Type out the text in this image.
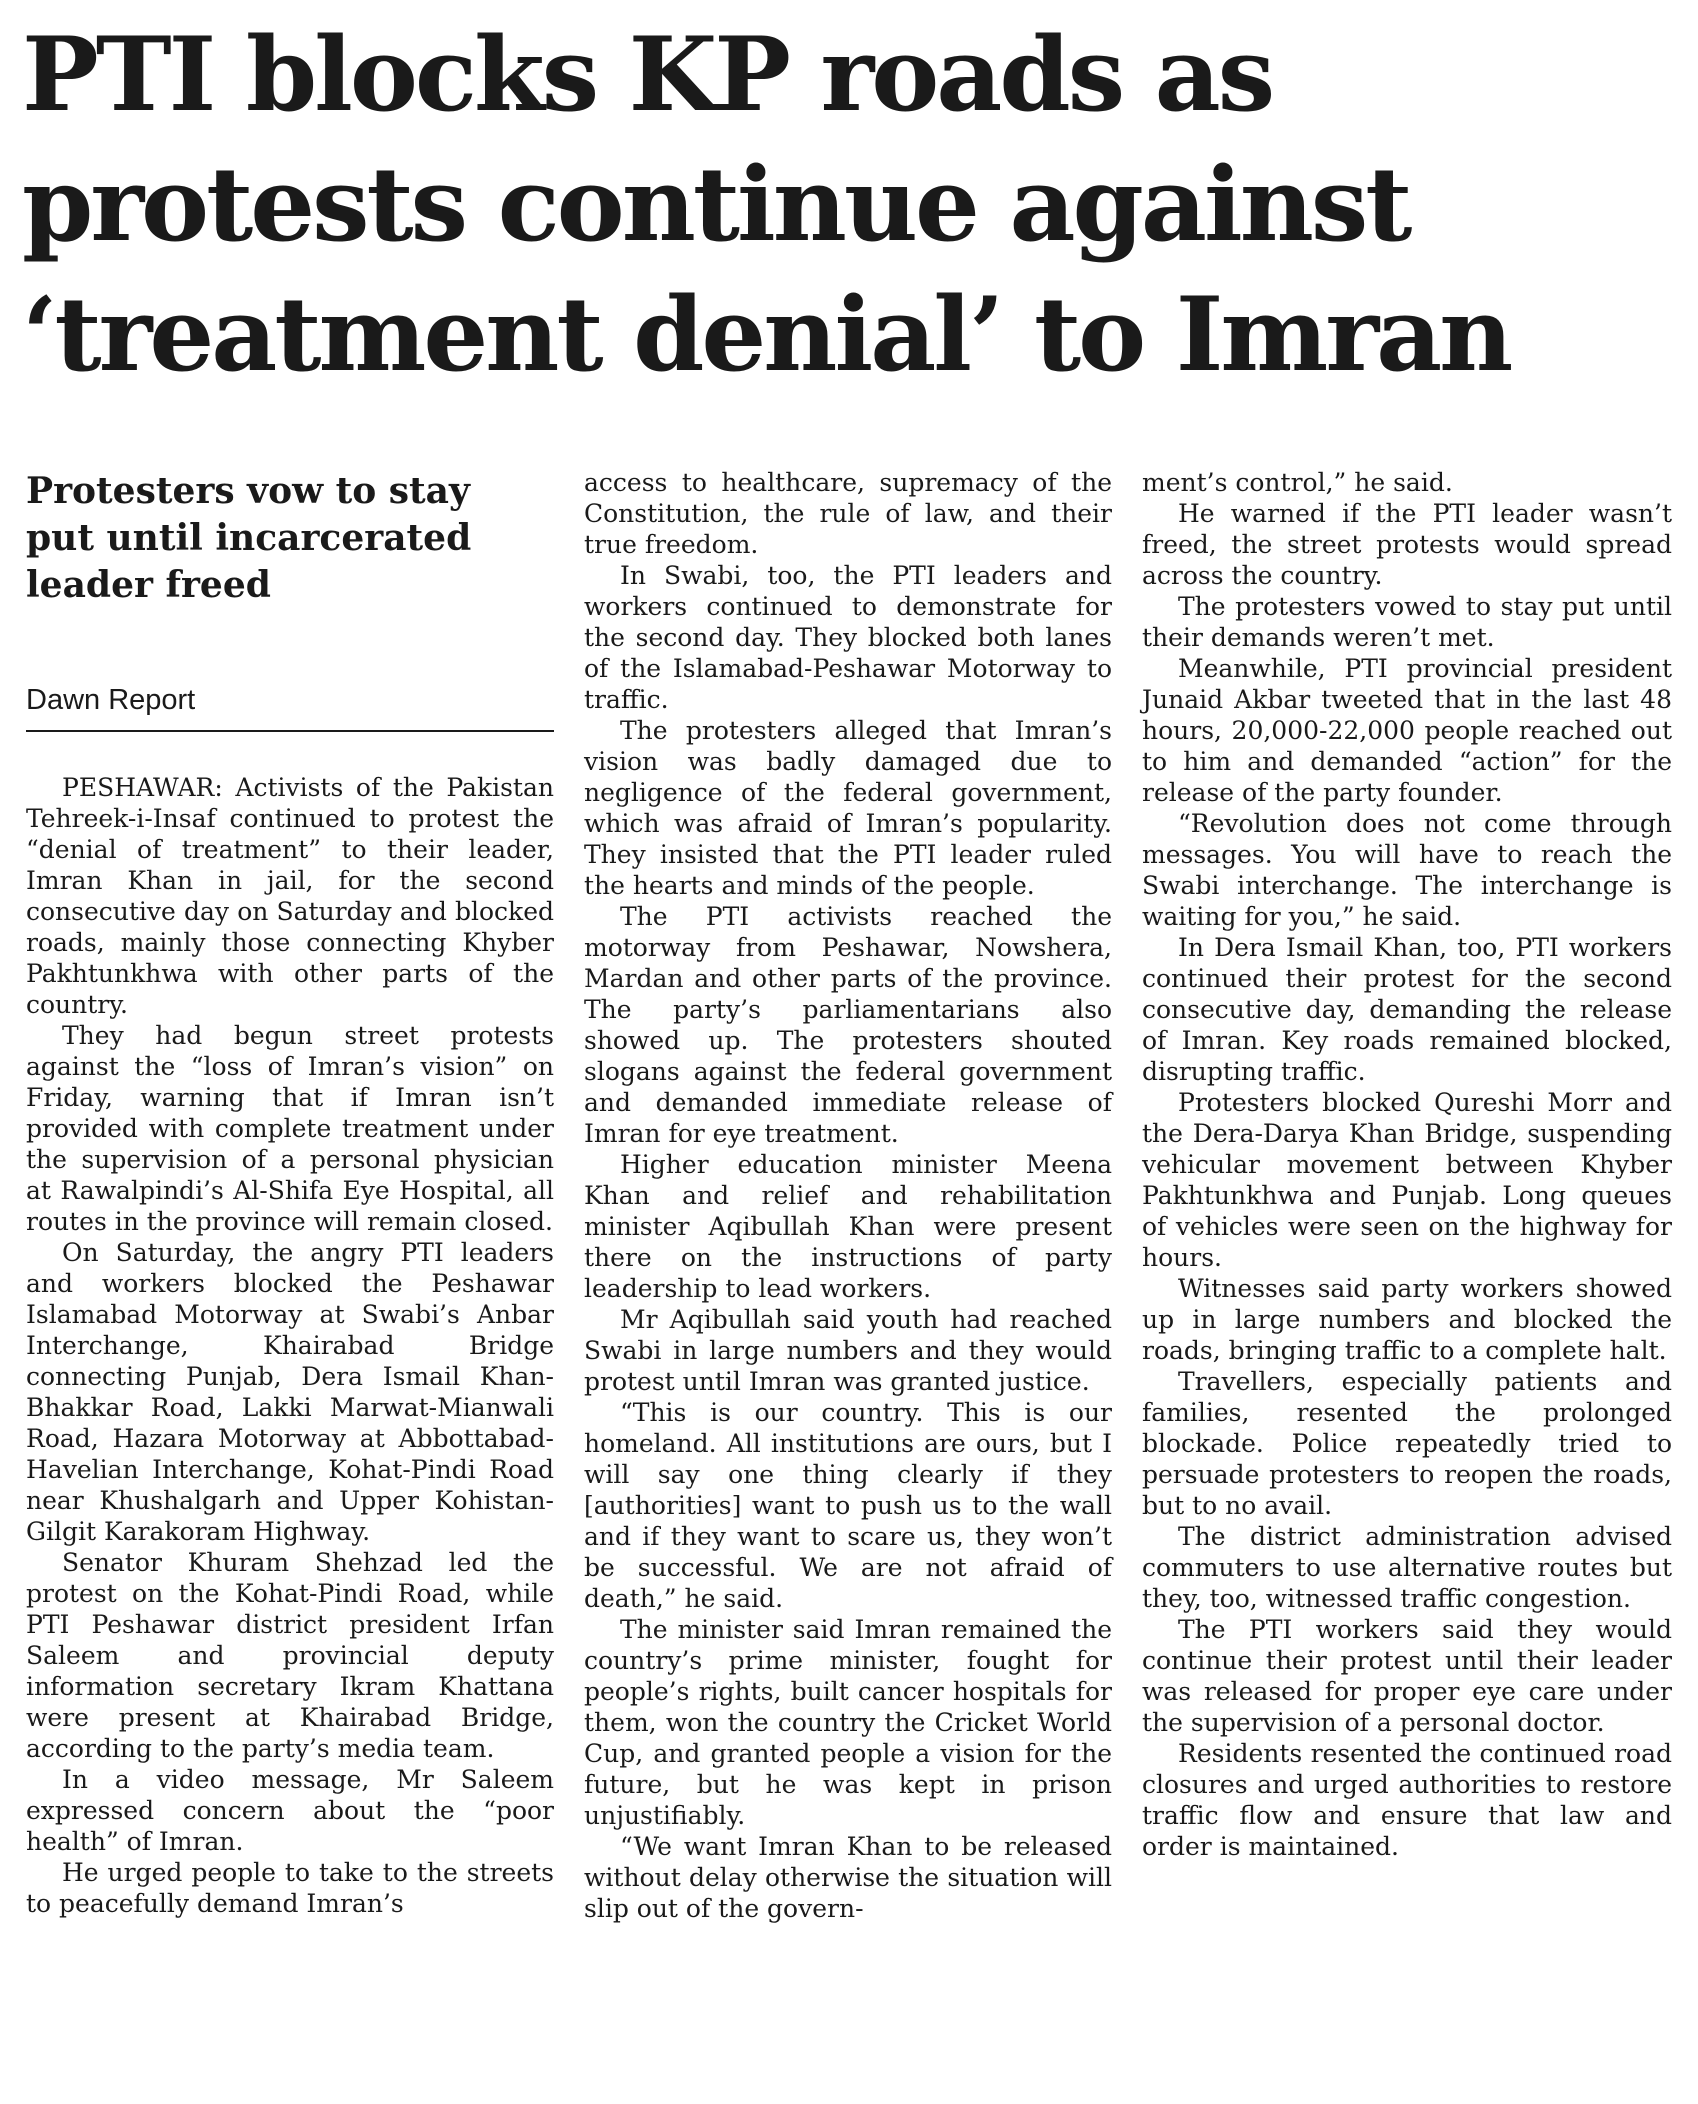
PTI blocks KP roads as
protests continue against
‘treatment denial’ to Imran
Protesters vow to stay
put until incarcerated
leader freed
Dawn Report

PESHAWAR: Activists of the Pakistan Tehreek-i-Insaf continued to protest the “denial of treatment” to their leader, Imran Khan in jail, for the second consecutive day on Saturday and blocked roads, mainly those connecting Khyber Pakhtunkhwa with other parts of the country.

They had begun street protests against the “loss of Imran’s vision” on Friday, warning that if Imran isn’t provided with complete treatment under the supervision of a personal physician at Rawalpindi’s Al-Shifa Eye Hospital, all routes in the province will remain closed.

On Saturday, the angry PTI leaders and workers blocked the Peshawar Islamabad Motorway at Swabi’s Anbar Interchange, Khairabad Bridge connecting Punjab, Dera Ismail Khan-Bhakkar Road, Lakki Marwat-Mianwali Road, Hazara Motorway at Abbottabad-Havelian Interchange, Kohat-Pindi Road near Khushalgarh and Upper Kohistan-Gilgit Karakoram Highway.

Senator Khuram Shehzad led the protest on the Kohat-Pindi Road, while PTI Peshawar district president Irfan Saleem and provincial deputy information secretary Ikram Khattana were present at Khairabad Bridge, according to the party’s media team.

In a video message, Mr Saleem expressed concern about the “poor health” of Imran.

He urged people to take to the streets to peacefully demand Imran’s

access to healthcare, supremacy of the Constitution, the rule of law, and their true freedom.

In Swabi, too, the PTI leaders and workers continued to demonstrate for the second day. They blocked both lanes of the Islamabad-Peshawar Motorway to traffic.

The protesters alleged that Imran’s vision was badly damaged due to negligence of the federal government, which was afraid of Imran’s popularity. They insisted that the PTI leader ruled the hearts and minds of the people.

The PTI activists reached the motorway from Peshawar, Nowshera, Mardan and other parts of the province. The party’s parliamentarians also showed up. The protesters shouted slogans against the federal government and demanded immediate release of Imran for eye treatment.

Higher education minister Meena Khan and relief and rehabilitation minister Aqibullah Khan were present there on the instructions of party leadership to lead workers.

Mr Aqibullah said youth had reached Swabi in large numbers and they would protest until Imran was granted justice.

“This is our country. This is our homeland. All institutions are ours, but I will say one thing clearly if they [authorities] want to push us to the wall and if they want to scare us, they won’t be successful. We are not afraid of death,” he said.

The minister said Imran remained the country’s prime minister, fought for people’s rights, built cancer hospitals for them, won the country the Cricket World Cup, and granted people a vision for the future, but he was kept in prison unjustifiably.

“We want Imran Khan to be released without delay otherwise the situation will slip out of the govern-

ment’s control,” he said.

He warned if the PTI leader wasn’t freed, the street protests would spread across the country.

The protesters vowed to stay put until their demands weren’t met.

Meanwhile, PTI provincial president Junaid Akbar tweeted that in the last 48 hours, 20,000-22,000 people reached out to him and demanded “action” for the release of the party founder.

“Revolution does not come through messages. You will have to reach the Swabi interchange. The interchange is waiting for you,” he said.

In Dera Ismail Khan, too, PTI workers continued their protest for the second consecutive day, demanding the release of Imran. Key roads remained blocked, disrupting traffic.

Protesters blocked Qureshi Morr and the Dera-Darya Khan Bridge, suspending vehicular movement between Khyber Pakhtunkhwa and Punjab. Long queues of vehicles were seen on the highway for hours.

Witnesses said party workers showed up in large numbers and blocked the roads, bringing traffic to a complete halt.

Travellers, especially patients and families, resented the prolonged blockade. Police repeatedly tried to persuade protesters to reopen the roads, but to no avail.

The district administration advised commuters to use alternative routes but they, too, witnessed traffic congestion.

The PTI workers said they would continue their protest until their leader was released for proper eye care under the supervision of a personal doctor.

Residents resented the continued road closures and urged authorities to restore traffic flow and ensure that law and order is maintained.
